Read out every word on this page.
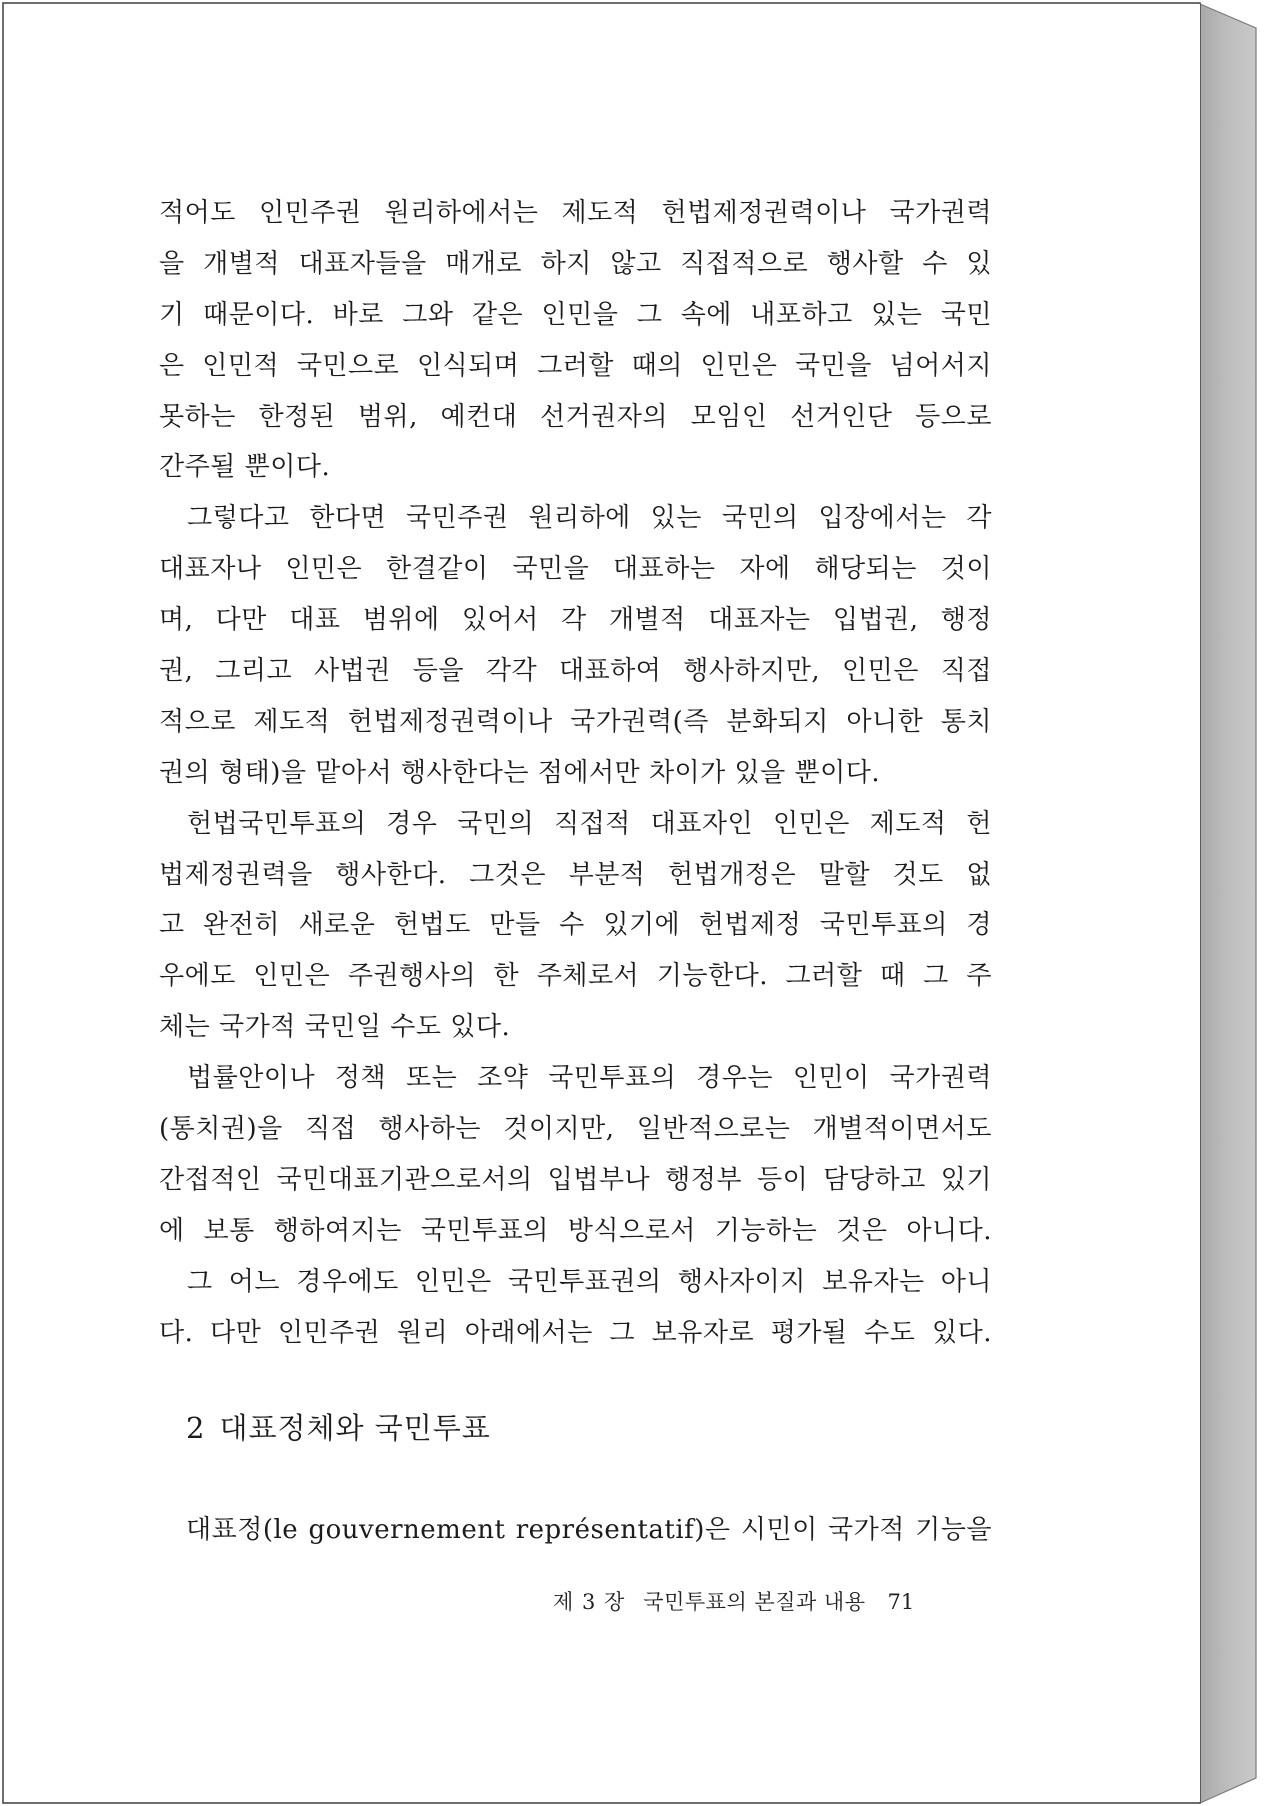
적어도 인민주권 원리하에서는 제도적 헌법제정권력이나 국가권력
을 개별적 대표자들을 매개로 하지 않고 직접적으로 행사할 수 있
기 때문이다. 바로 그와 같은 인민을 그 속에 내포하고 있는 국민
은 인민적 국민으로 인식되며 그러할 때의 인민은 국민을 넘어서지
못하는 한정된 범위, 예컨대 선거권자의 모임인 선거인단 등으로
간주될 뿐이다.
그렇다고 한다면 국민주권 원리하에 있는 국민의 입장에서는 각
대표자나 인민은 한결같이 국민을 대표하는 자에 해당되는 것이
며, 다만 대표 범위에 있어서 각 개별적 대표자는 입법권, 행정
권, 그리고 사법권 등을 각각 대표하여 행사하지만, 인민은 직접
적으로 제도적 헌법제정권력이나 국가권력(즉 분화되지 아니한 통치
권의 형태)을 맡아서 행사한다는 점에서만 차이가 있을 뿐이다.
헌법국민투표의 경우 국민의 직접적 대표자인 인민은 제도적 헌
법제정권력을 행사한다. 그것은 부분적 헌법개정은 말할 것도 없
고 완전히 새로운 헌법도 만들 수 있기에 헌법제정 국민투표의 경
우에도 인민은 주권행사의 한 주체로서 기능한다. 그러할 때 그 주
체는 국가적 국민일 수도 있다.
법률안이나 정책 또는 조약 국민투표의 경우는 인민이 국가권력
(통치권)을 직접 행사하는 것이지만, 일반적으로는 개별적이면서도
간접적인 국민대표기관으로서의 입법부나 행정부 등이 담당하고 있기
에 보통 행하여지는 국민투표의 방식으로서 기능하는 것은 아니다.
그 어느 경우에도 인민은 국민투표권의 행사자이지 보유자는 아니
다. 다만 인민주권 원리 아래에서는 그 보유자로 평가될 수도 있다.
2 대표정체와 국민투표
대표정(le gouvernement représentatif)은 시민이 국가적 기능을
제 3 장 국민투표의 본질과 내용 71
